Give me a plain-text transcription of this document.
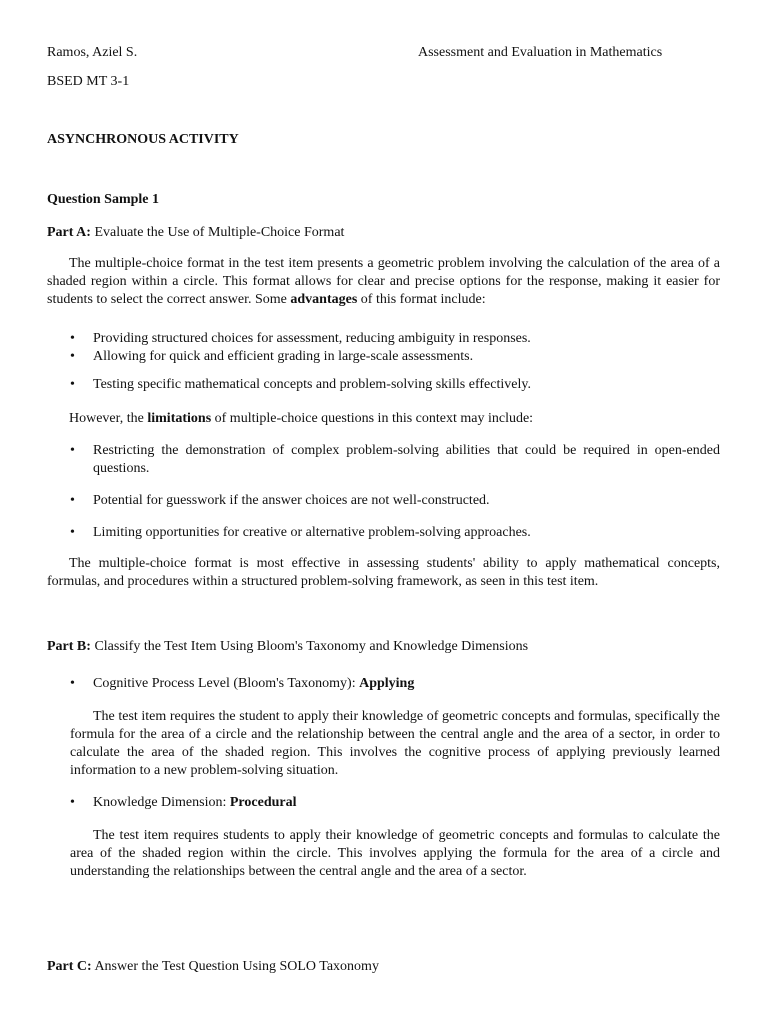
Ramos, Aziel S.	Assessment and Evaluation in Mathematics
BSED MT 3-1
ASYNCHRONOUS ACTIVITY
Question Sample 1
Part A: Evaluate the Use of Multiple-Choice Format
The multiple-choice format in the test item presents a geometric problem involving the calculation of the area of a shaded region within a circle. This format allows for clear and precise options for the response, making it easier for students to select the correct answer. Some advantages of this format include:
•	Providing structured choices for assessment, reducing ambiguity in responses.
•	Allowing for quick and efficient grading in large-scale assessments.
•	Testing specific mathematical concepts and problem-solving skills effectively.
However, the limitations of multiple-choice questions in this context may include:
•	Restricting the demonstration of complex problem-solving abilities that could be required in open-ended questions.
•	Potential for guesswork if the answer choices are not well-constructed.
•	Limiting opportunities for creative or alternative problem-solving approaches.
The multiple-choice format is most effective in assessing students' ability to apply mathematical concepts, formulas, and procedures within a structured problem-solving framework, as seen in this test item.
Part B: Classify the Test Item Using Bloom's Taxonomy and Knowledge Dimensions
•	Cognitive Process Level (Bloom's Taxonomy): Applying
The test item requires the student to apply their knowledge of geometric concepts and formulas, specifically the formula for the area of a circle and the relationship between the central angle and the area of a sector, in order to calculate the area of the shaded region. This involves the cognitive process of applying previously learned information to a new problem-solving situation.
•	Knowledge Dimension: Procedural
The test item requires students to apply their knowledge of geometric concepts and formulas to calculate the area of the shaded region within the circle. This involves applying the formula for the area of a circle and understanding the relationships between the central angle and the area of a sector.
Part C: Answer the Test Question Using SOLO Taxonomy
